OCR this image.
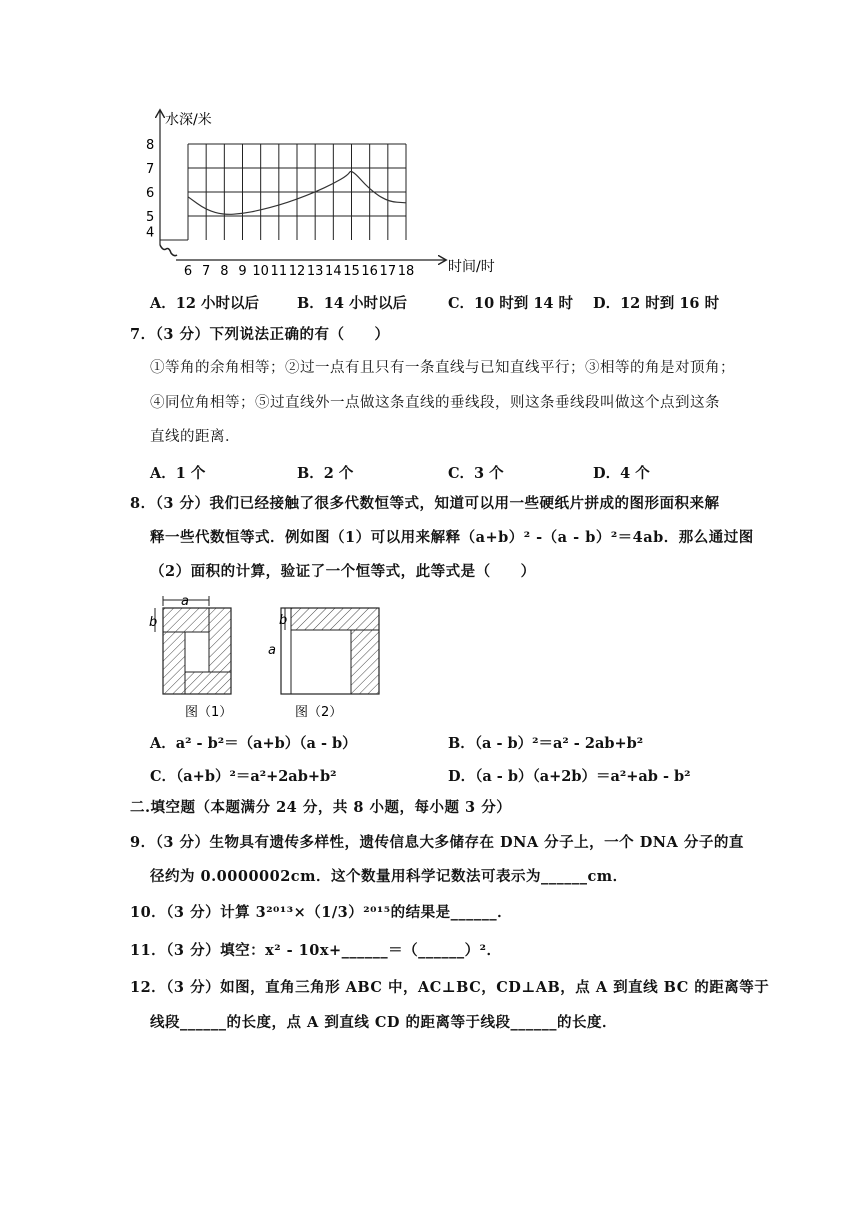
6 7 8 9 10 11 12 13 14 15 16 17 18
4
5
6
7
8
水深/米
时间/时
A．12 小时以后	B．14 小时以后	C．10 时到 14 时 D．12 时到 16 时
7．（3 分）下列说法正确的有（　　）
①等角的余角相等；②过一点有且只有一条直线与已知直线平行；③相等的角是对顶角；
④同位角相等；⑤过直线外一点做这条直线的垂线段，则这条垂线段叫做这个点到这条
直线的距离．
A．1 个	B．2 个	C．3 个	D．4 个
8．（3 分）我们已经接触了很多代数恒等式，知道可以用一些硬纸片拼成的图形面积来解
释一些代数恒等式．例如图（1）可以用来解释（a+b）² -（a - b）²＝4ab．那么通过图
（2）面积的计算，验证了一个恒等式，此等式是（　　）
a
b	b
a
图（1）	图（2）
A．a² - b²＝（a+b）（a - b）	B．（a - b）²＝a² - 2ab+b²
C．（a+b）²＝a²+2ab+b²	D．（a - b）（a+2b）＝a²+ab - b²
二.填空题（本题满分 24 分，共 8 小题，每小题 3 分）
9．（3 分）生物具有遗传多样性，遗传信息大多储存在 DNA 分子上，一个 DNA 分子的直
径约为 0.0000002cm．这个数量用科学记数法可表示为______cm．
10．（3 分）计算 3²⁰¹³×（1/3）²⁰¹⁵的结果是______．
11．（3 分）填空：x² - 10x+______＝（______）²．
12．（3 分）如图，直角三角形 ABC 中，AC⊥BC，CD⊥AB，点 A 到直线 BC 的距离等于
线段______的长度，点 A 到直线 CD 的距离等于线段______的长度．
